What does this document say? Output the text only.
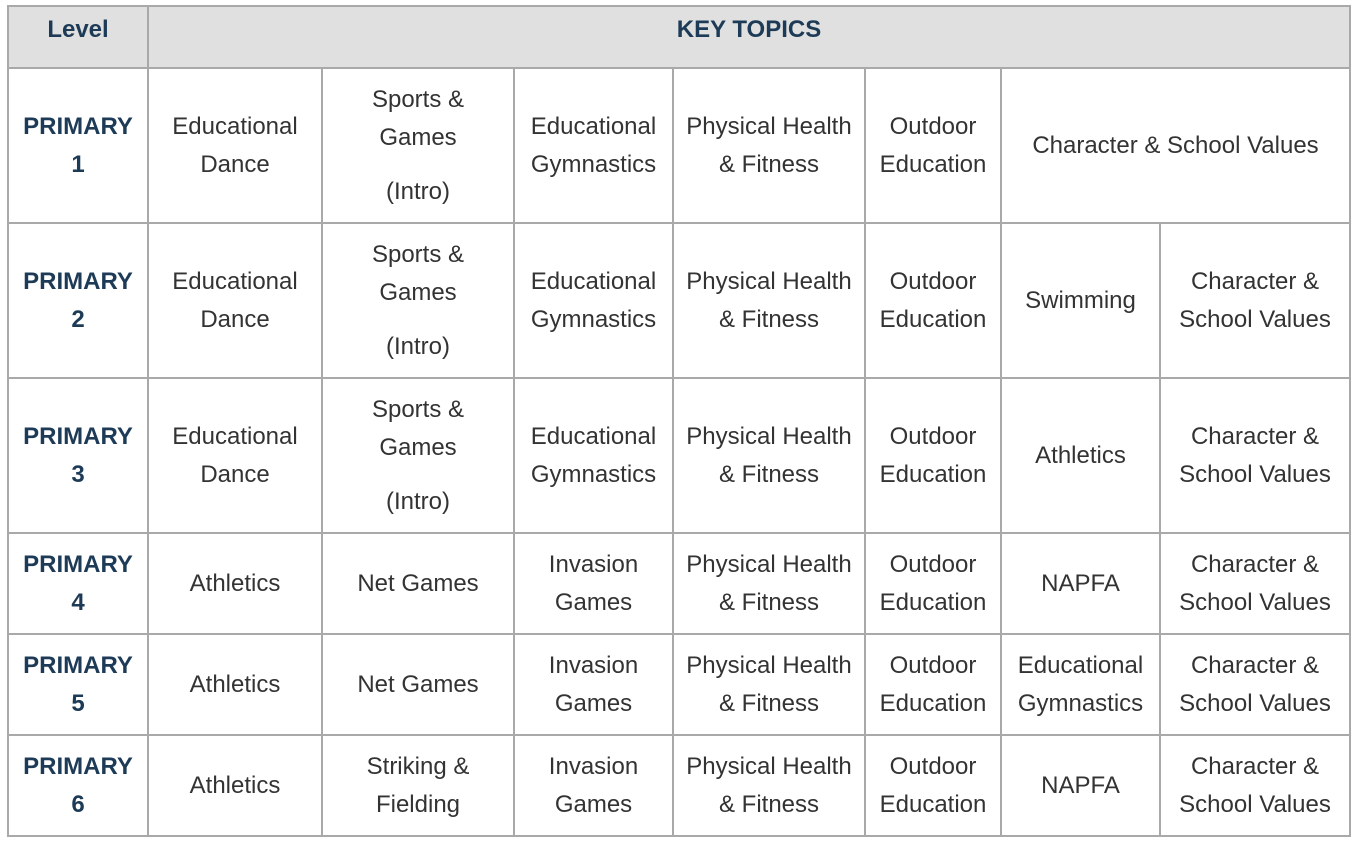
Level	KEY TOPICS						

PRIMARY
1	Educational
Dance	Sports &
Games
(Intro)	Educational
Gymnastics	Physical Health
& Fitness	Outdoor
Education	Character & School Values	

PRIMARY
2	Educational
Dance	Sports &
Games
(Intro)	Educational
Gymnastics	Physical Health
& Fitness	Outdoor
Education	Swimming	Character &
School Values

PRIMARY
3	Educational
Dance	Sports &
Games
(Intro)	Educational
Gymnastics	Physical Health
& Fitness	Outdoor
Education	Athletics	Character &
School Values

PRIMARY
4	Athletics	Net Games	Invasion
Games	Physical Health
& Fitness	Outdoor
Education	NAPFA	Character &
School Values

PRIMARY
5	Athletics	Net Games	Invasion
Games	Physical Health
& Fitness	Outdoor
Education	Educational
Gymnastics	Character &
School Values

PRIMARY
6	Athletics	Striking &
Fielding	Invasion
Games	Physical Health
& Fitness	Outdoor
Education	NAPFA	Character &
School Values
